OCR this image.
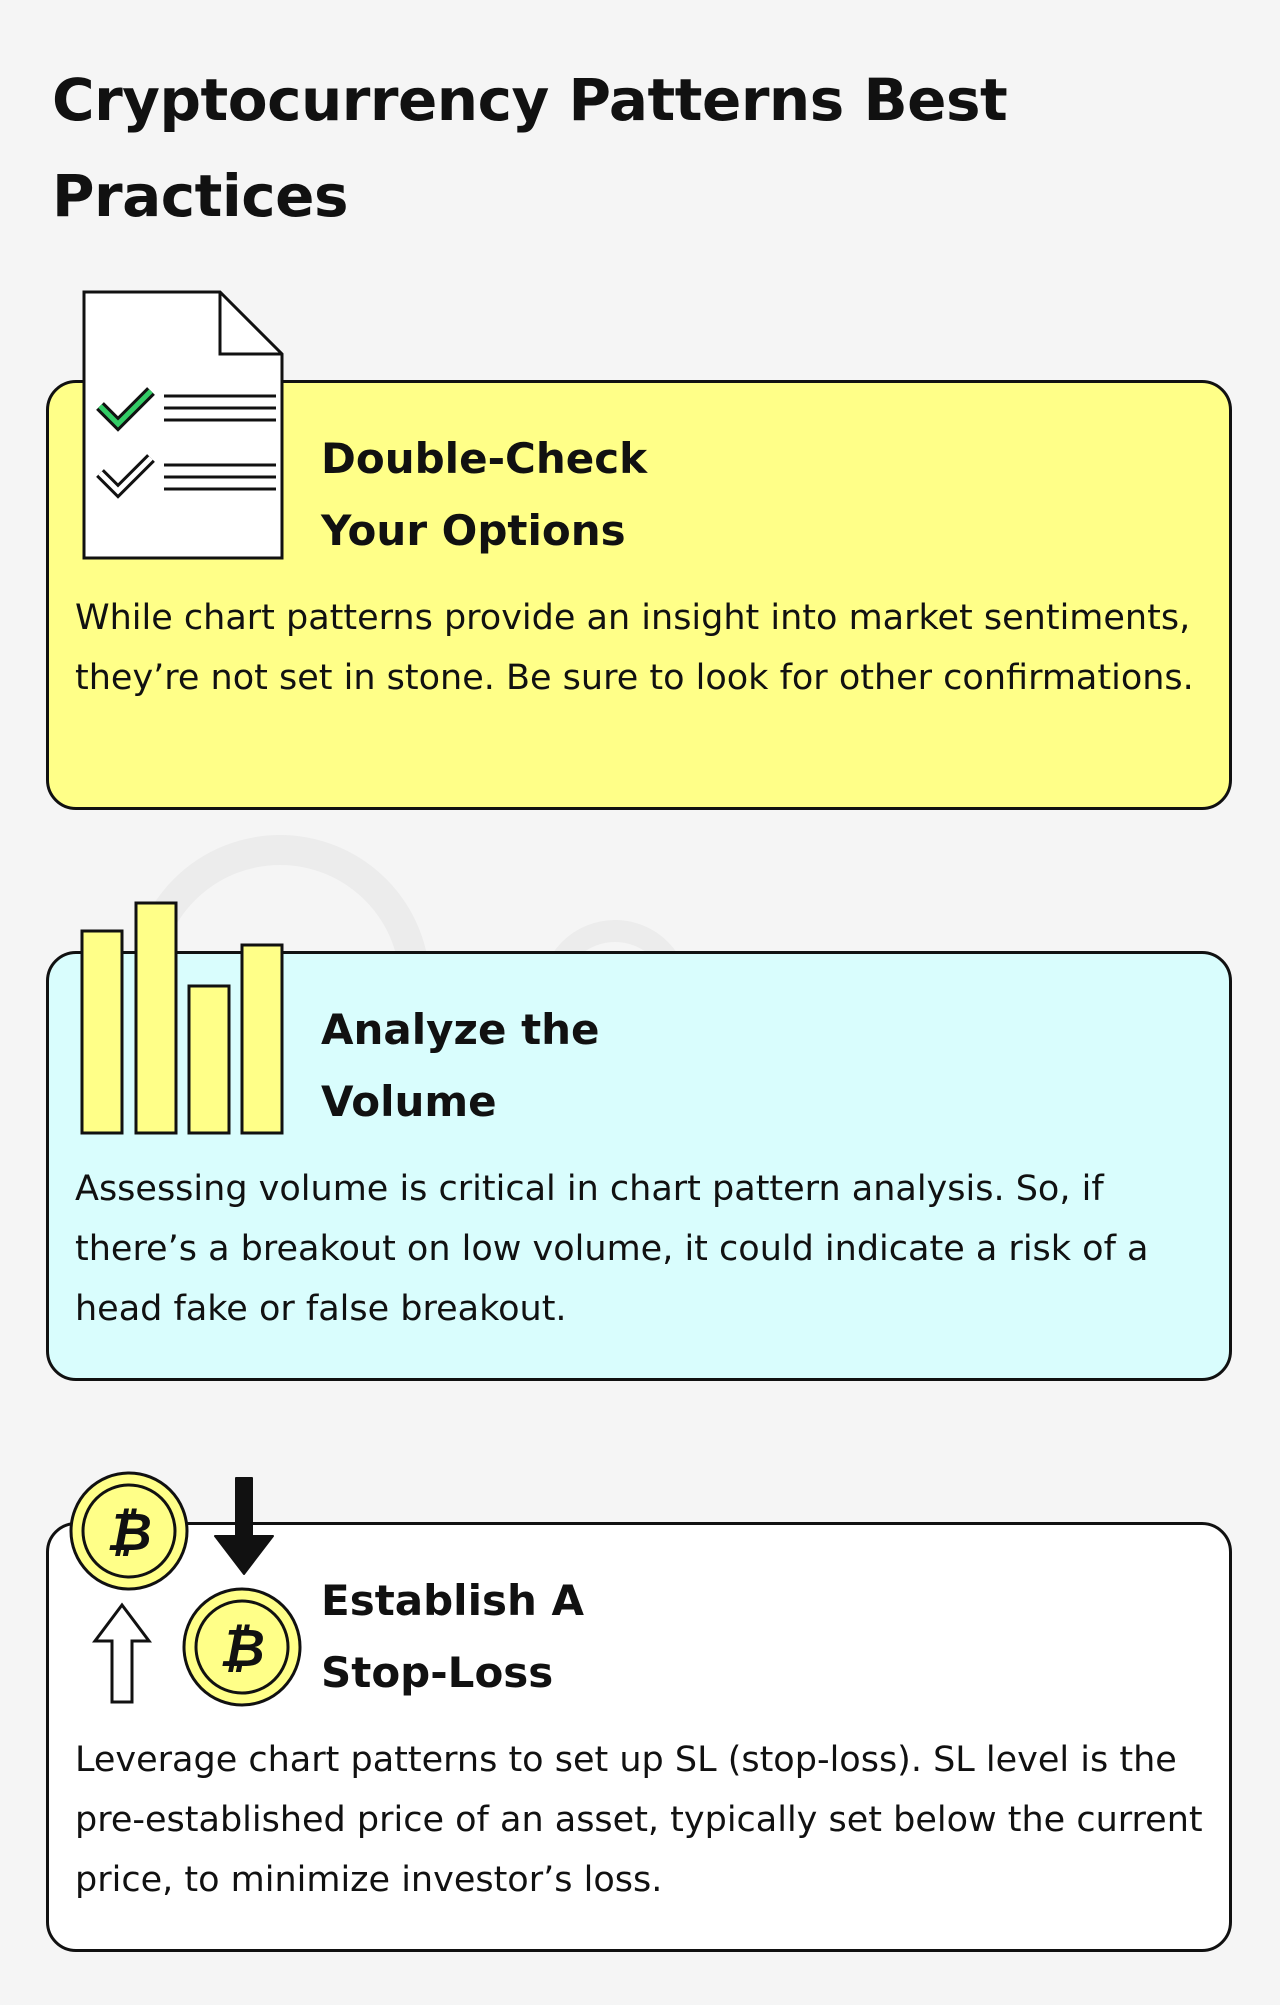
Cryptocurrency Patterns Best Practices
Double-Check
Your Options

While chart patterns provide an insight into market sentiments, they’re not set in stone. Be sure to look for other confirmations.

Analyze the
Volume

Assessing volume is critical in chart pattern analysis. So, if there’s a breakout on low volume, it could indicate a risk of a head fake or false breakout.

Establish A
Stop-Loss

Leverage chart patterns to set up SL (stop-loss). SL level is the pre-established price of an asset, typically set below the current price, to minimize investor’s loss.

₿
₿
